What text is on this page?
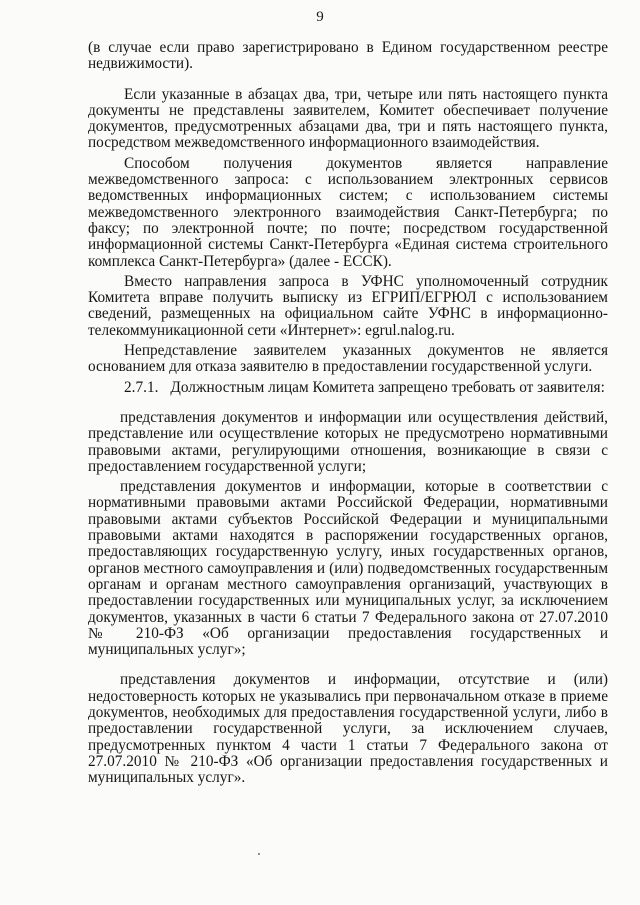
9

(в случае если право зарегистрировано в Едином государственном реестре недвижимости).

Если указанные в абзацах два, три, четыре или пять настоящего пункта документы не представлены заявителем, Комитет обеспечивает получение документов, предусмотренных абзацами два, три и пять настоящего пункта, посредством межведомственного информационного взаимодействия.

Способом получения документов является направление межведомственного запроса: с использованием электронных сервисов ведомственных информационных систем; с использованием системы межведомственного электронного взаимодействия Санкт-Петербурга; по факсу; по электронной почте; по почте; посредством государственной информационной системы Санкт-Петербурга «Единая система строительного комплекса Санкт-Петербурга» (далее - ЕССК).

Вместо направления запроса в УФНС уполномоченный сотрудник Комитета вправе получить выписку из ЕГРИП/ЕГРЮЛ с использованием сведений, размещенных на официальном сайте УФНС в информационно-телекоммуникационной сети «Интернет»: egrul.nalog.ru.

Непредставление заявителем указанных документов не является основанием для отказа заявителю в предоставлении государственной услуги.

2.7.1. Должностным лицам Комитета запрещено требовать от заявителя:

представления документов и информации или осуществления действий, представление или осуществление которых не предусмотрено нормативными правовыми актами, регулирующими отношения, возникающие в связи с предоставлением государственной услуги;

представления документов и информации, которые в соответствии с нормативными правовыми актами Российской Федерации, нормативными правовыми актами субъектов Российской Федерации и муниципальными правовыми актами находятся в распоряжении государственных органов, предоставляющих государственную услугу, иных государственных органов, органов местного самоуправления и (или) подведомственных государственным органам и органам местного самоуправления организаций, участвующих в предоставлении государственных или муниципальных услуг, за исключением документов, указанных в части 6 статьи 7 Федерального закона от 27.07.2010 № 210-ФЗ «Об организации предоставления государственных и муниципальных услуг»;

представления документов и информации, отсутствие и (или) недостоверность которых не указывались при первоначальном отказе в приеме документов, необходимых для предоставления государственной услуги, либо в предоставлении государственной услуги, за исключением случаев, предусмотренных пунктом 4 части 1 статьи 7 Федерального закона от 27.07.2010 № 210-ФЗ «Об организации предоставления государственных и муниципальных услуг».
